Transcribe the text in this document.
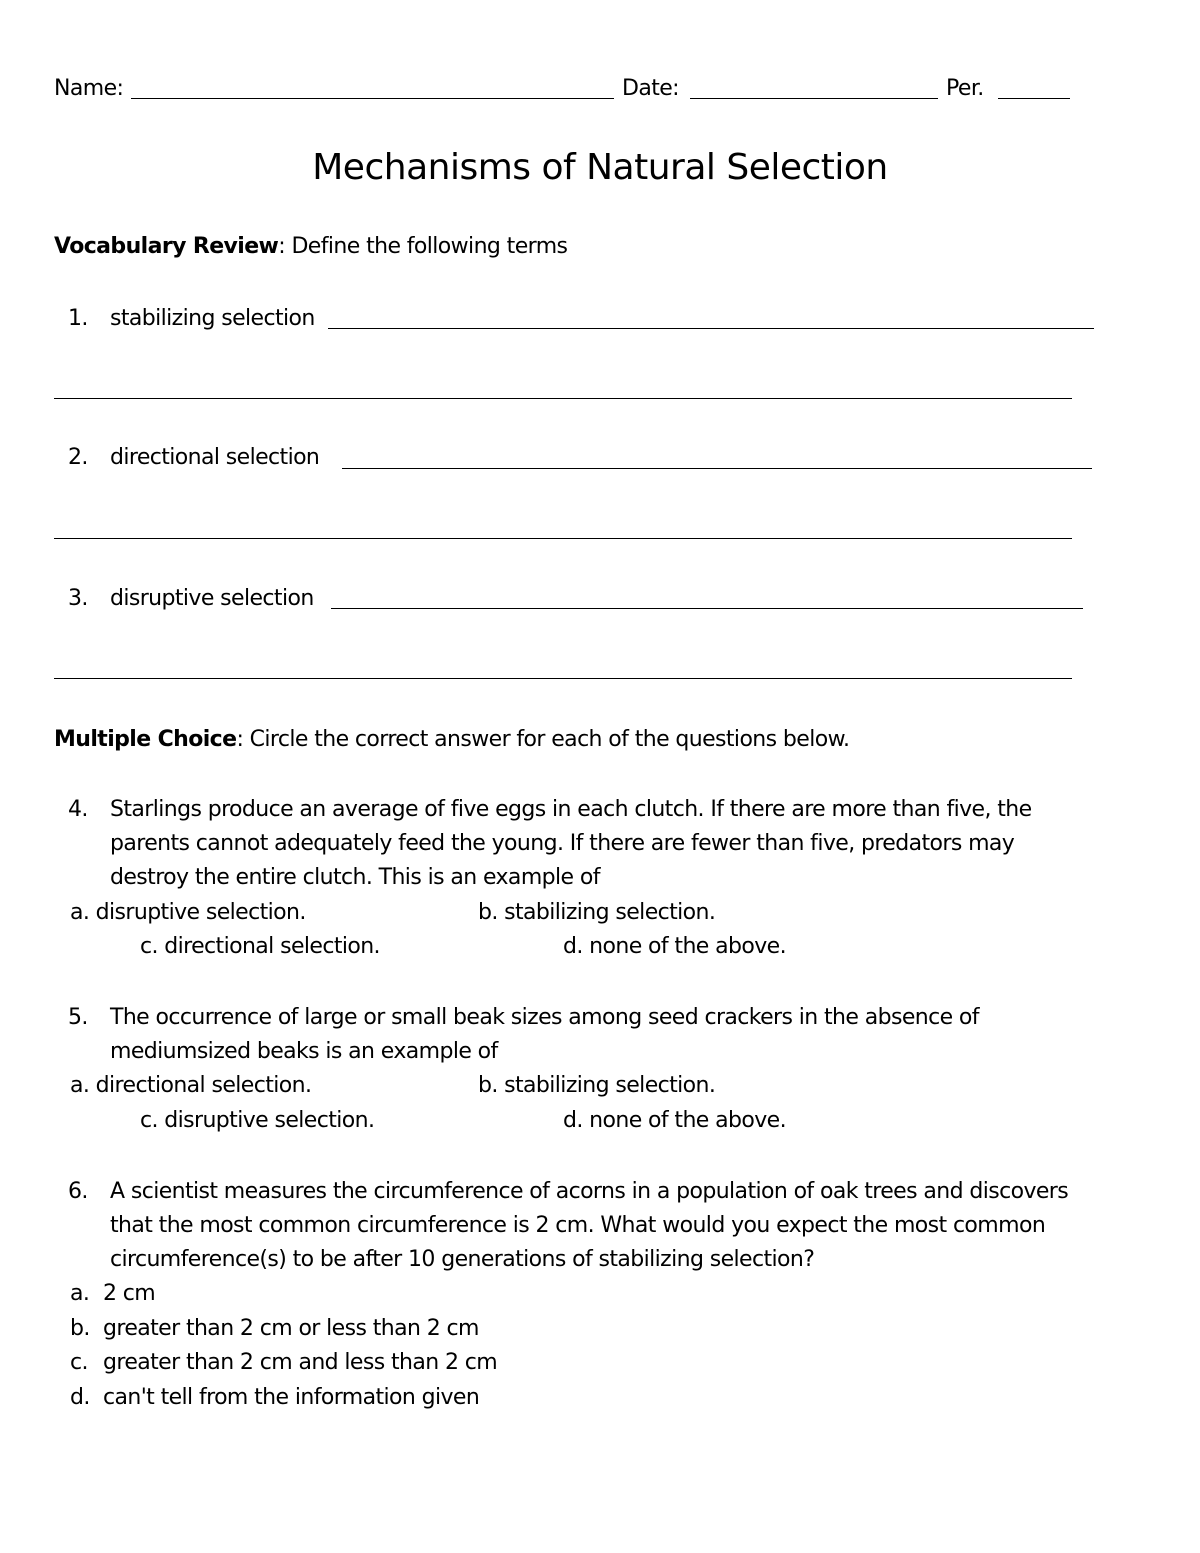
Name:	Date:	Per.
Mechanisms of Natural Selection
Vocabulary Review: Define the following terms
1. stabilizing selection
2. directional selection
3. disruptive selection
Multiple Choice: Circle the correct answer for each of the questions below.
4. Starlings produce an average of five eggs in each clutch. If there are more than five, the
parents cannot adequately feed the young. If there are fewer than five, predators may
destroy the entire clutch. This is an example of
a. disruptive selection.	b. stabilizing selection.
c. directional selection.	d. none of the above.
5. The occurrence of large or small beak sizes among seed crackers in the absence of
mediumsized beaks is an example of
a. directional selection.	b. stabilizing selection.
c. disruptive selection.	d. none of the above.
6. A scientist measures the circumference of acorns in a population of oak trees and discovers
that the most common circumference is 2 cm. What would you expect the most common
circumference(s) to be after 10 generations of stabilizing selection?
a. 2 cm
b. greater than 2 cm or less than 2 cm
c. greater than 2 cm and less than 2 cm
d. can't tell from the information given
